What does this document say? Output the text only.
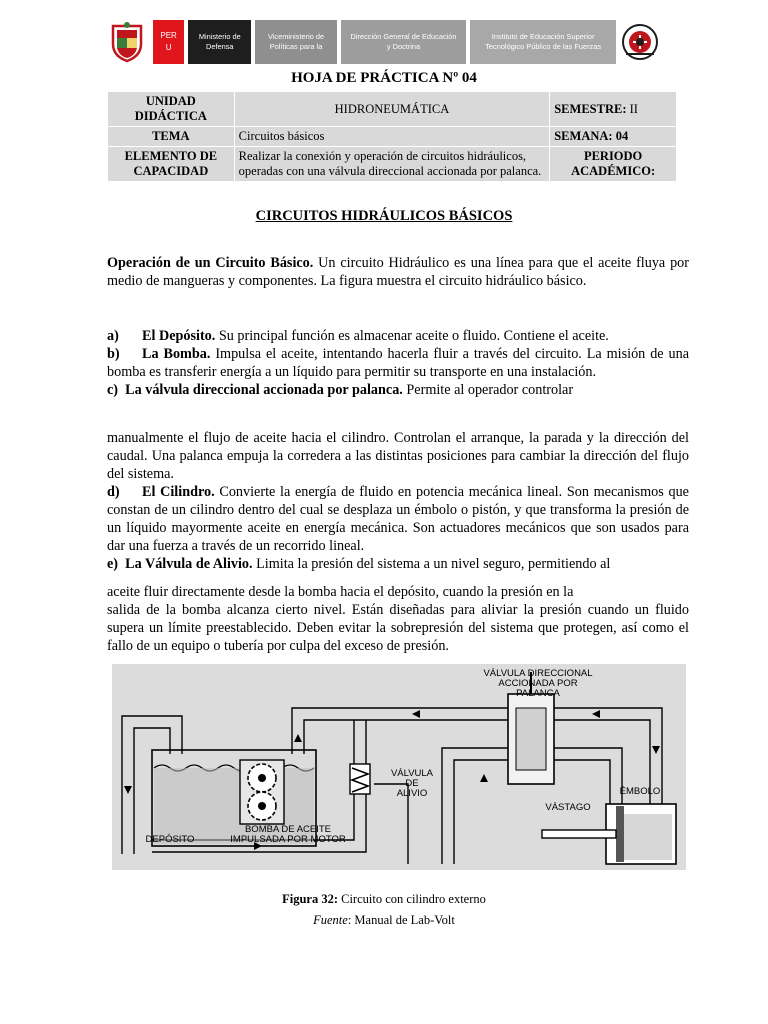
PER
U
Ministerio de
Defensa
Viceministerio de
Políticas para la
Dirección General de Educación
y Doctrina
Instituto de Educación Superior
Tecnológico Público de las Fuerzas
HOJA DE PRÁCTICA Nº 04
UNIDAD DIDÁCTICA	HIDRONEUMÁTICA	SEMESTRE: II
TEMA	Circuitos básicos	SEMANA: 04
ELEMENTO DE
CAPACIDAD	Realizar la conexión y operación de circuitos hidráulicos,
operadas con una válvula direccional accionada por palanca.	PERIODO
ACADÉMICO:
CIRCUITOS HIDRÁULICOS BÁSICOS
Operación de un Circuito Básico. Un circuito Hidráulico es una línea para que el aceite fluya por medio de mangueras y componentes. La figura muestra el circuito hidráulico básico.
a) El Depósito. Su principal función es almacenar aceite o fluido. Contiene el aceite.
b) La Bomba. Impulsa el aceite, intentando hacerla fluir a través del circuito. La misión de una bomba es transferir energía a un líquido para permitir su transporte en una instalación.
c) La válvula direccional accionada por palanca. Permite al operador controlar
manualmente el flujo de aceite hacia el cilindro. Controlan el arranque, la parada y la dirección del caudal. Una palanca empuja la corredera a las distintas posiciones para cambiar la dirección del flujo del sistema.
d) El Cilindro. Convierte la energía de fluido en potencia mecánica lineal. Son mecanismos que constan de un cilindro dentro del cual se desplaza un émbolo o pistón, y que transforma la presión de un líquido mayormente aceite en energía mecánica. Son actuadores mecánicos que son usados para dar una fuerza a través de un recorrido lineal.
e) La Válvula de Alivio. Limita la presión del sistema a un nivel seguro, permitiendo al
aceite fluir directamente desde la bomba hacia el depósito, cuando la presión en la
salida de la bomba alcanza cierto nivel. Están diseñadas para aliviar la presión cuando un fluido supera un límite preestablecido. Deben evitar la sobrepresión del sistema que protegen, así como el fallo de un equipo o tubería por culpa del exceso de presión.
VÁLVULA DIRECCIONAL
ACCIONADA POR
PALANCA
VÁLVULA
DE
ALIVIO	ÉMBOLO
VÁSTAGO
DEPÓSITO
BOMBA DE ACEITE
IMPULSADA POR MOTOR
Figura 32: Circuito con cilindro externo
Fuente: Manual de Lab-Volt
